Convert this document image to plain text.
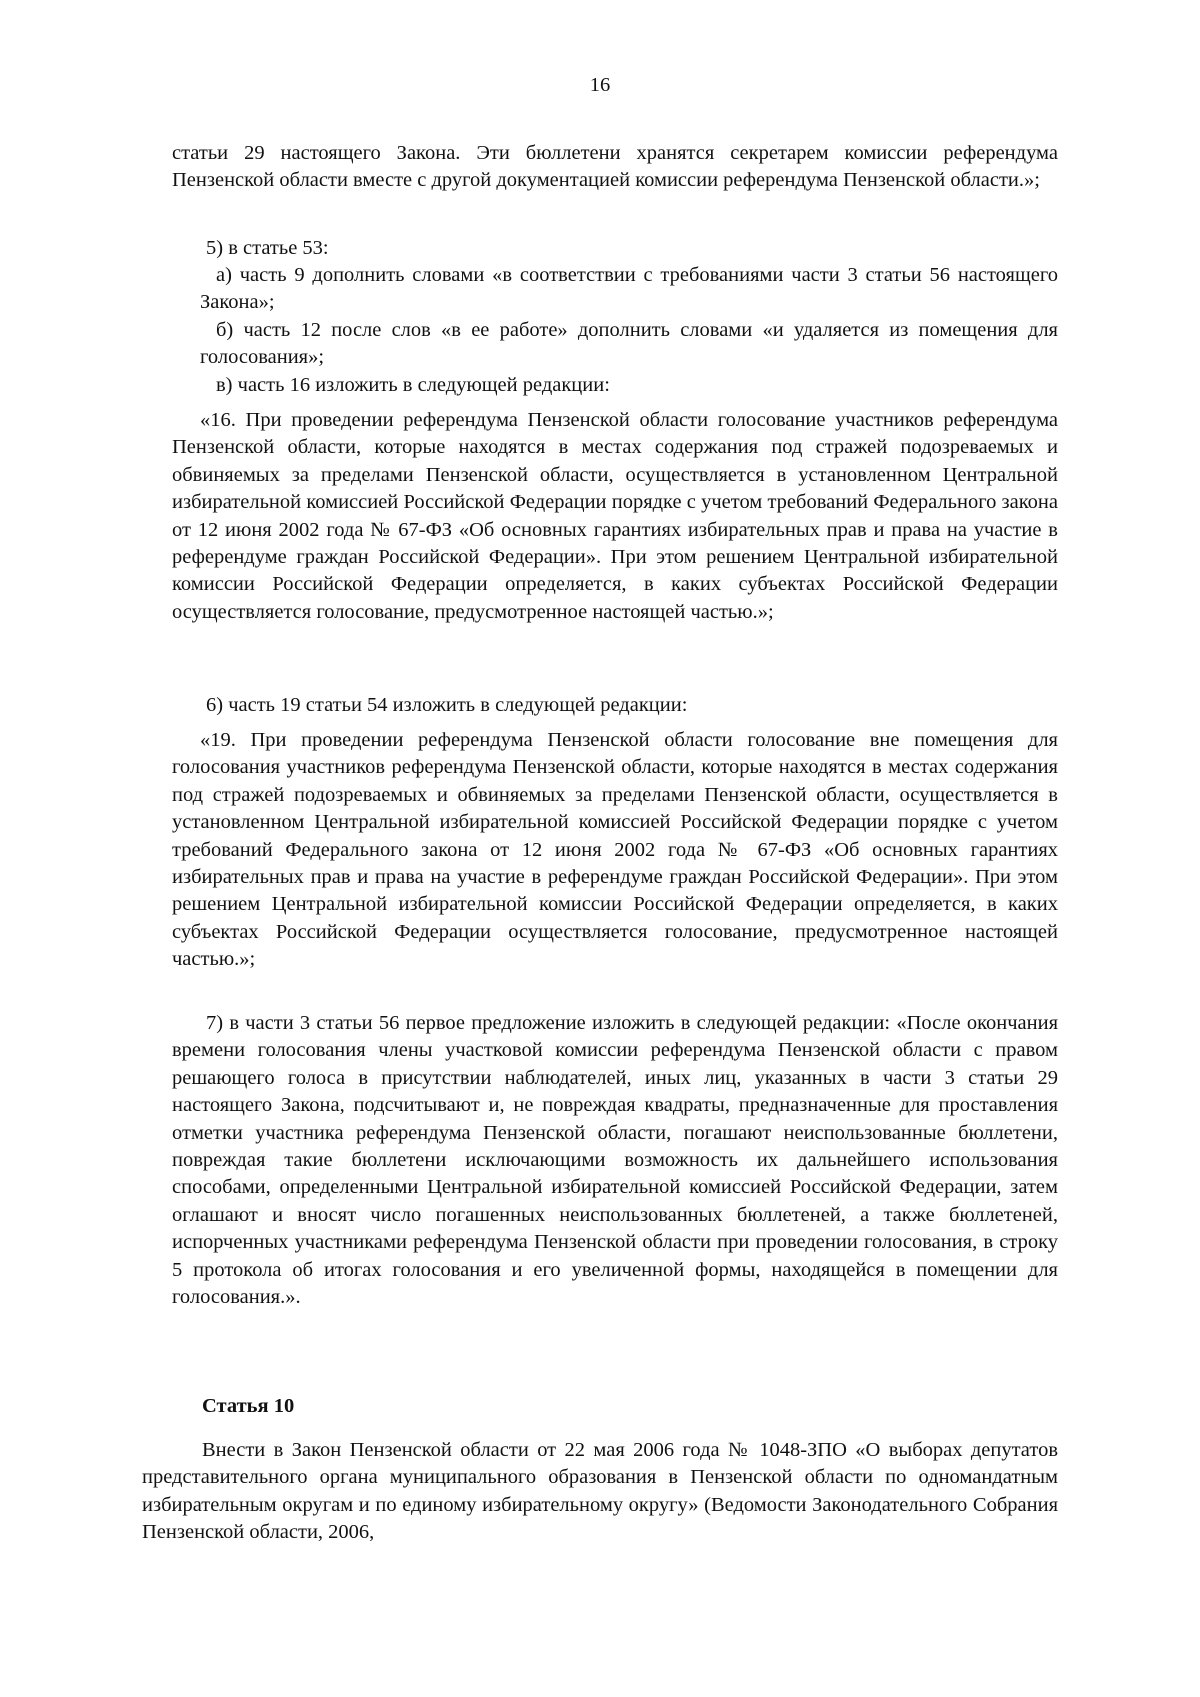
16

статьи 29 настоящего Закона. Эти бюллетени хранятся секретарем комиссии референдума Пензенской области вместе с другой документацией комиссии референдума Пензенской области.»;

5) в статье 53:

а) часть 9 дополнить словами «в соответствии с требованиями части 3 статьи 56 настоящего Закона»;

б) часть 12 после слов «в ее работе» дополнить словами «и удаляется из помещения для голосования»;

в) часть 16 изложить в следующей редакции:

«16. При проведении референдума Пензенской области голосование участников референдума Пензенской области, которые находятся в местах содержания под стражей подозреваемых и обвиняемых за пределами Пензенской области, осуществляется в установленном Центральной избирательной комиссией Российской Федерации порядке с учетом требований Федерального закона от 12 июня 2002 года № 67-ФЗ «Об основных гарантиях избирательных прав и права на участие в референдуме граждан Российской Федерации». При этом решением Центральной избирательной комиссии Российской Федерации определяется, в каких субъектах Российской Федерации осуществляется голосование, предусмотренное настоящей частью.»;

6) часть 19 статьи 54 изложить в следующей редакции:

«19. При проведении референдума Пензенской области голосование вне помещения для голосования участников референдума Пензенской области, которые находятся в местах содержания под стражей подозреваемых и обвиняемых за пределами Пензенской области, осуществляется в установленном Центральной избирательной комиссией Российской Федерации порядке с учетом требований Федерального закона от 12 июня 2002 года № 67-ФЗ «Об основных гарантиях избирательных прав и права на участие в референдуме граждан Российской Федерации». При этом решением Центральной избирательной комиссии Российской Федерации определяется, в каких субъектах Российской Федерации осуществляется голосование, предусмотренное настоящей частью.»;

7) в части 3 статьи 56 первое предложение изложить в следующей редакции: «После окончания времени голосования члены участковой комиссии референдума Пензенской области с правом решающего голоса в присутствии наблюдателей, иных лиц, указанных в части 3 статьи 29 настоящего Закона, подсчитывают и, не повреждая квадраты, предназначенные для проставления отметки участника референдума Пензенской области, погашают неиспользованные бюллетени, повреждая такие бюллетени исключающими возможность их дальнейшего использования способами, определенными Центральной избирательной комиссией Российской Федерации, затем оглашают и вносят число погашенных неиспользованных бюллетеней, а также бюллетеней, испорченных участниками референдума Пензенской области при проведении голосования, в строку 5 протокола об итогах голосования и его увеличенной формы, находящейся в помещении для голосования.».

Статья 10

Внести в Закон Пензенской области от 22 мая 2006 года № 1048-ЗПО «О выборах депутатов представительного органа муниципального образования в Пензенской области по одномандатным избирательным округам и по единому избирательному округу» (Ведомости Законодательного Собрания Пензенской области, 2006,
